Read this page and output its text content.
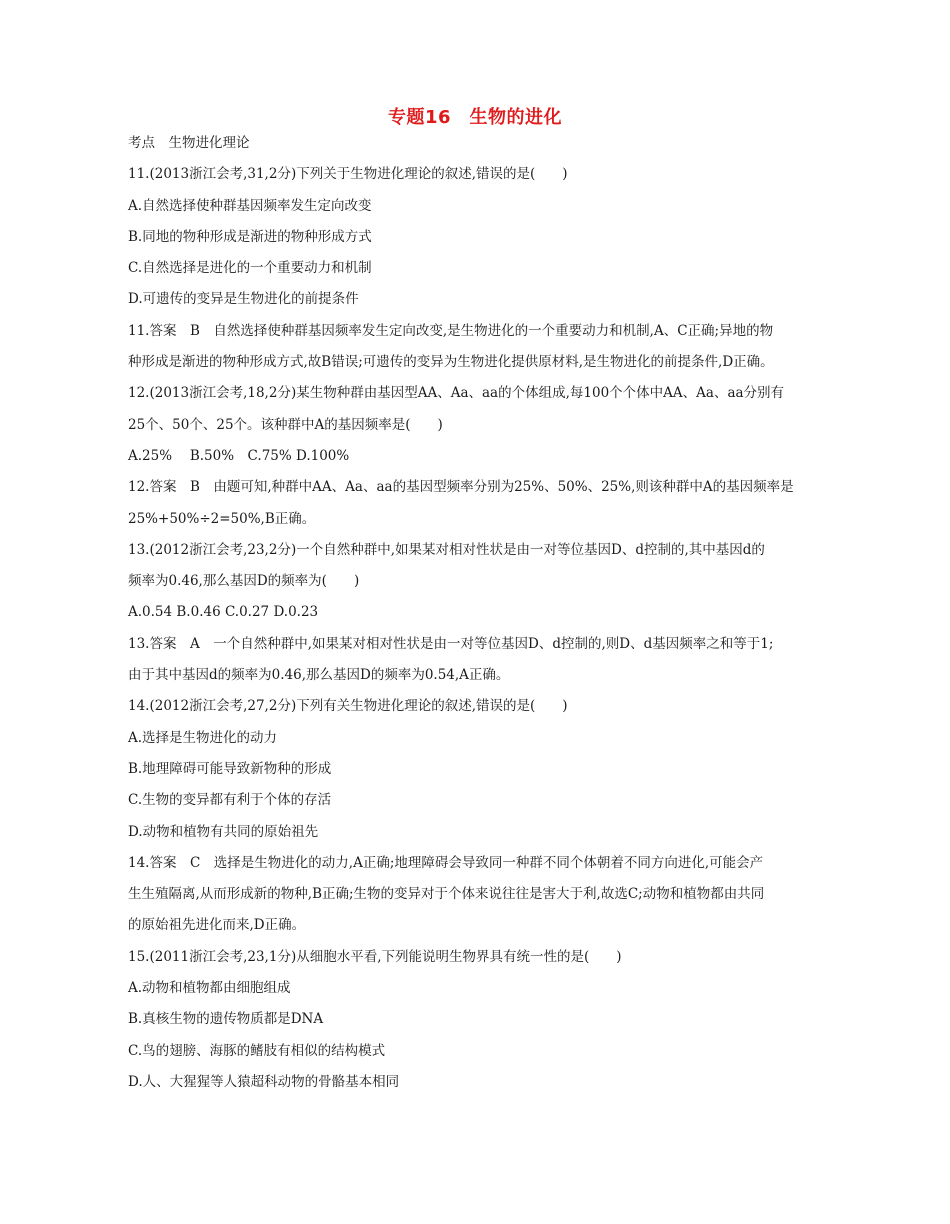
专题16　生物的进化
考点　生物进化理论
11.(2013浙江会考,31,2分)下列关于生物进化理论的叙述,错误的是(　　)
A.自然选择使种群基因频率发生定向改变
B.同地的物种形成是渐进的物种形成方式
C.自然选择是进化的一个重要动力和机制
D.可遗传的变异是生物进化的前提条件
11.答案　B　自然选择使种群基因频率发生定向改变,是生物进化的一个重要动力和机制,A、C正确;异地的物
种形成是渐进的物种形成方式,故B错误;可遗传的变异为生物进化提供原材料,是生物进化的前提条件,D正确。
12.(2013浙江会考,18,2分)某生物种群由基因型AA、Aa、aa的个体组成,每100个个体中AA、Aa、aa分别有
25个、50个、25个。该种群中A的基因频率是(　　)
A.25%　 B.50%　C.75% D.100%
12.答案　B　由题可知,种群中AA、Aa、aa的基因型频率分别为25%、50%、25%,则该种群中A的基因频率是
25%+50%÷2=50%,B正确。
13.(2012浙江会考,23,2分)一个自然种群中,如果某对相对性状是由一对等位基因D、d控制的,其中基因d的
频率为0.46,那么基因D的频率为(　　)
A.0.54 B.0.46 C.0.27 D.0.23
13.答案　A　一个自然种群中,如果某对相对性状是由一对等位基因D、d控制的,则D、d基因频率之和等于1;
由于其中基因d的频率为0.46,那么基因D的频率为0.54,A正确。
14.(2012浙江会考,27,2分)下列有关生物进化理论的叙述,错误的是(　　)
A.选择是生物进化的动力
B.地理障碍可能导致新物种的形成
C.生物的变异都有利于个体的存活
D.动物和植物有共同的原始祖先
14.答案　C　选择是生物进化的动力,A正确;地理障碍会导致同一种群不同个体朝着不同方向进化,可能会产
生生殖隔离,从而形成新的物种,B正确;生物的变异对于个体来说往往是害大于利,故选C;动物和植物都由共同
的原始祖先进化而来,D正确。
15.(2011浙江会考,23,1分)从细胞水平看,下列能说明生物界具有统一性的是(　　)
A.动物和植物都由细胞组成
B.真核生物的遗传物质都是DNA
C.鸟的翅膀、海豚的鳍肢有相似的结构模式
D.人、大猩猩等人猿超科动物的骨骼基本相同
